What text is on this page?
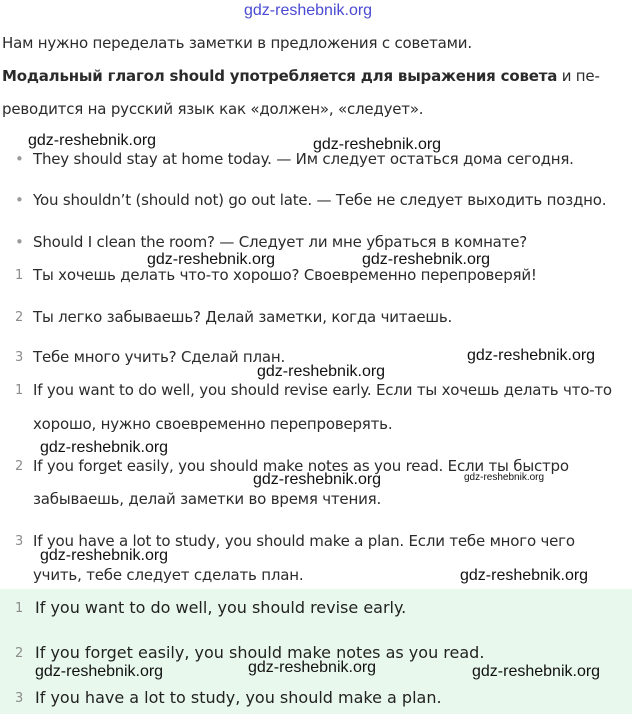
gdz-reshebnik.org
Нам нужно переделать заметки в предложения с советами.
Модальный глагол should употребляется для выражения совета и пе-
реводится на русский язык как «должен», «следует».
• They should stay at home today. — Им следует остаться дома сегодня.
• You shouldn’t (should not) go out late. — Тебе не следует выходить поздно.
• Should I clean the room? — Следует ли мне убраться в комнате?
1 Ты хочешь делать что-то хорошо? Своевременно перепроверяй!
2 Ты легко забываешь? Делай заметки, когда читаешь.
3 Тебе много учить? Сделай план.
1 If you want to do well, you should revise early. Если ты хочешь делать что-то
хорошо, нужно своевременно перепроверять.
2 If you forget easily, you should make notes as you read. Если ты быстро
забываешь, делай заметки во время чтения.
3 If you have a lot to study, you should make a plan. Если тебе много чего
учить, тебе следует сделать план.
1 If you want to do well, you should revise early.
2 If you forget easily, you should make notes as you read.
3 If you have a lot to study, you should make a plan.
gdz-reshebnik.org	gdz-reshebnik.org
gdz-reshebnik.org	gdz-reshebnik.org
gdz-reshebnik.org
gdz-reshebnik.org
gdz-reshebnik.org
gdz-reshebnik.org	gdz-reshebnik.org
gdz-reshebnik.org
gdz-reshebnik.org
gdz-reshebnik.org	gdz-reshebnik.org	gdz-reshebnik.org
